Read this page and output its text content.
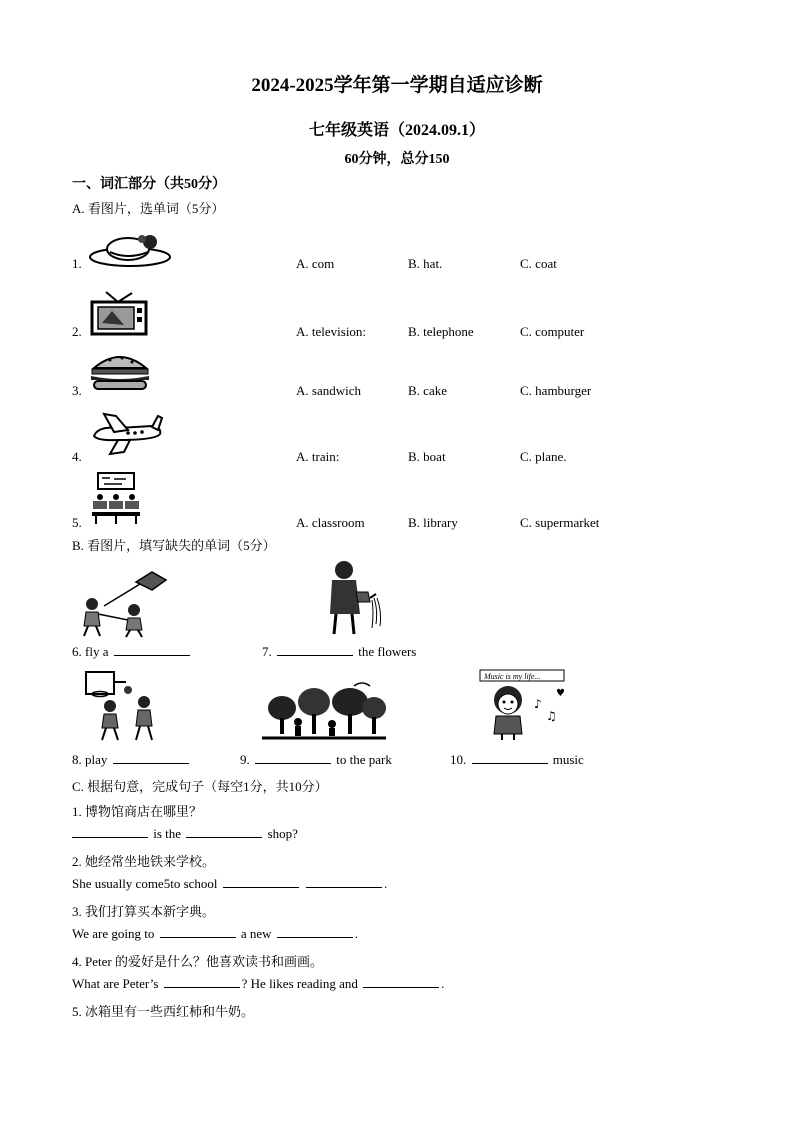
2024-2025学年第一学期自适应诊断
七年级英语（2024.09.1）
60分钟，总分150
一、词汇部分（共50分）
A. 看图片，选单词（5分）
1.	A. com	B. hat.	C. coat
2.	A. television:	B. telephone	C. computer
3.	A. sandwich	B. cake	C. hamburger
4.	A. train:	B. boat	C. plane.
5.	A. classroom	B. library	C. supermarket
B. 看图片，填写缺失的单词（5分）
Music is my life...
♪
♫
♥
6. fly a	7.	the flowers
8. play	9.	to the park	10.	music
C. 根据句意，完成句子（每空1分，共10分）
1. 博物馆商店在哪里？
is the	shop?
2. 她经常坐地铁来学校。
She usually come5to school	.
3. 我们打算买本新字典。
We are going to	a new	.
4. Peter 的爱好是什么？他喜欢读书和画画。
What are Peter’s	? He likes reading and	.
5. 冰箱里有一些西红柿和牛奶。
